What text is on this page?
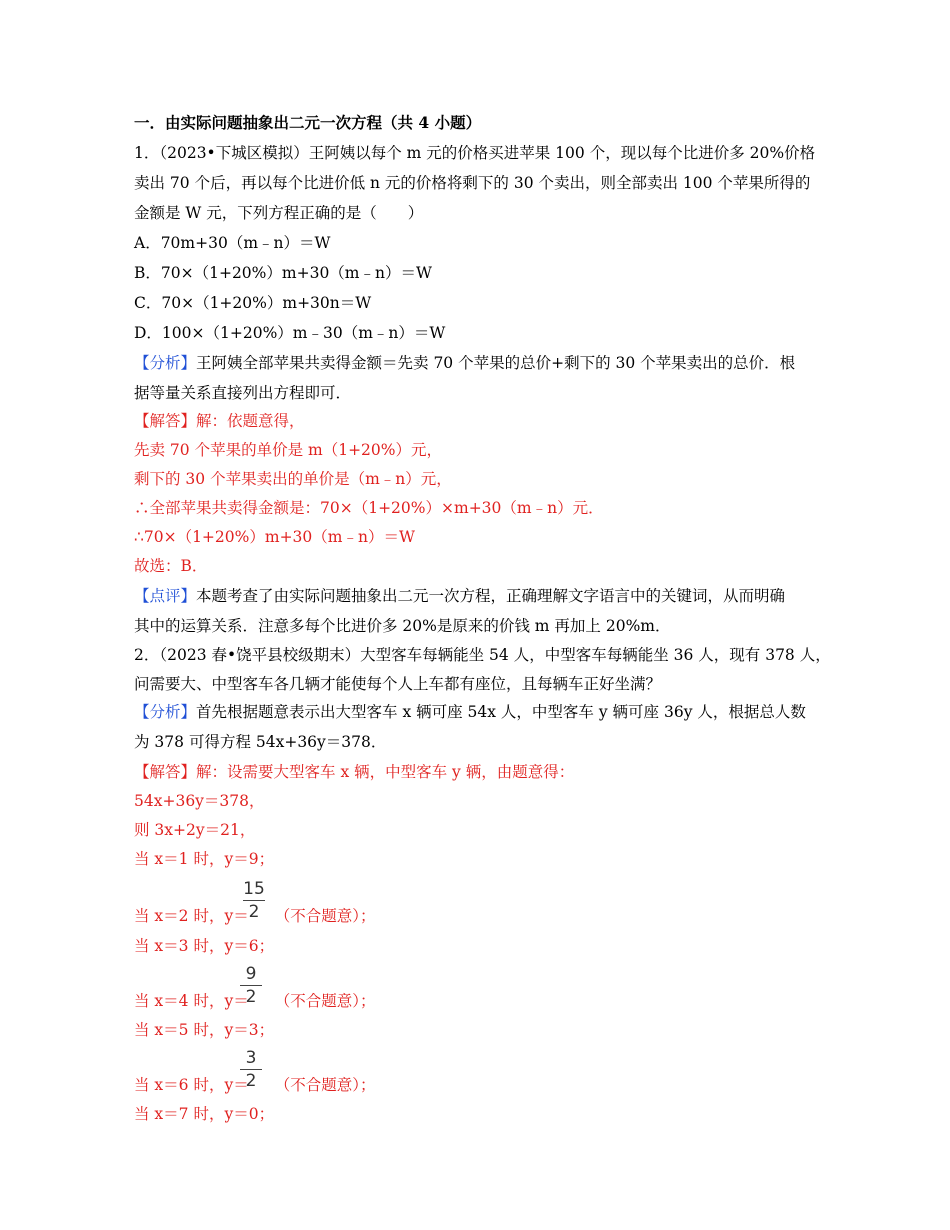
一．由实际问题抽象出二元一次方程（共 4 小题）
1．（2023•下城区模拟）王阿姨以每个 m 元的价格买进苹果 100 个，现以每个比进价多 20%价格
卖出 70 个后，再以每个比进价低 n 元的价格将剩下的 30 个卖出，则全部卖出 100 个苹果所得的
金额是 W 元，下列方程正确的是（　　）
A．70m+30（m﹣n）＝W
B．70×（1+20%）m+30（m﹣n）＝W
C．70×（1+20%）m+30n＝W
D．100×（1+20%）m﹣30（m﹣n）＝W
【分析】王阿姨全部苹果共卖得金额＝先卖 70 个苹果的总价+剩下的 30 个苹果卖出的总价．根
据等量关系直接列出方程即可．
【解答】解：依题意得，
先卖 70 个苹果的单价是 m（1+20%）元，
剩下的 30 个苹果卖出的单价是（m﹣n）元，
∴全部苹果共卖得金额是：70×（1+20%）×m+30（m﹣n）元．
∴70×（1+20%）m+30（m﹣n）＝W
故选：B．
【点评】本题考查了由实际问题抽象出二元一次方程，正确理解文字语言中的关键词，从而明确
其中的运算关系．注意多每个比进价多 20%是原来的价钱 m 再加上 20%m．
2．（2023 春•饶平县校级期末）大型客车每辆能坐 54 人，中型客车每辆能坐 36 人，现有 378 人，
问需要大、中型客车各几辆才能使每个人上车都有座位，且每辆车正好坐满？
【分析】首先根据题意表示出大型客车 x 辆可座 54x 人，中型客车 y 辆可座 36y 人，根据总人数
为 378 可得方程 54x+36y＝378．
【解答】解：设需要大型客车 x 辆，中型客车 y 辆，由题意得：
54x+36y＝378，
则 3x+2y＝21，
当 x＝1 时，y＝9；
当 x＝2 时，y＝ （不合题意）；
15
2
当 x＝3 时，y＝6；
当 x＝4 时，y＝ （不合题意）；
9
2
当 x＝5 时，y＝3；
当 x＝6 时，y＝ （不合题意）；
3
2
当 x＝7 时，y＝0；
